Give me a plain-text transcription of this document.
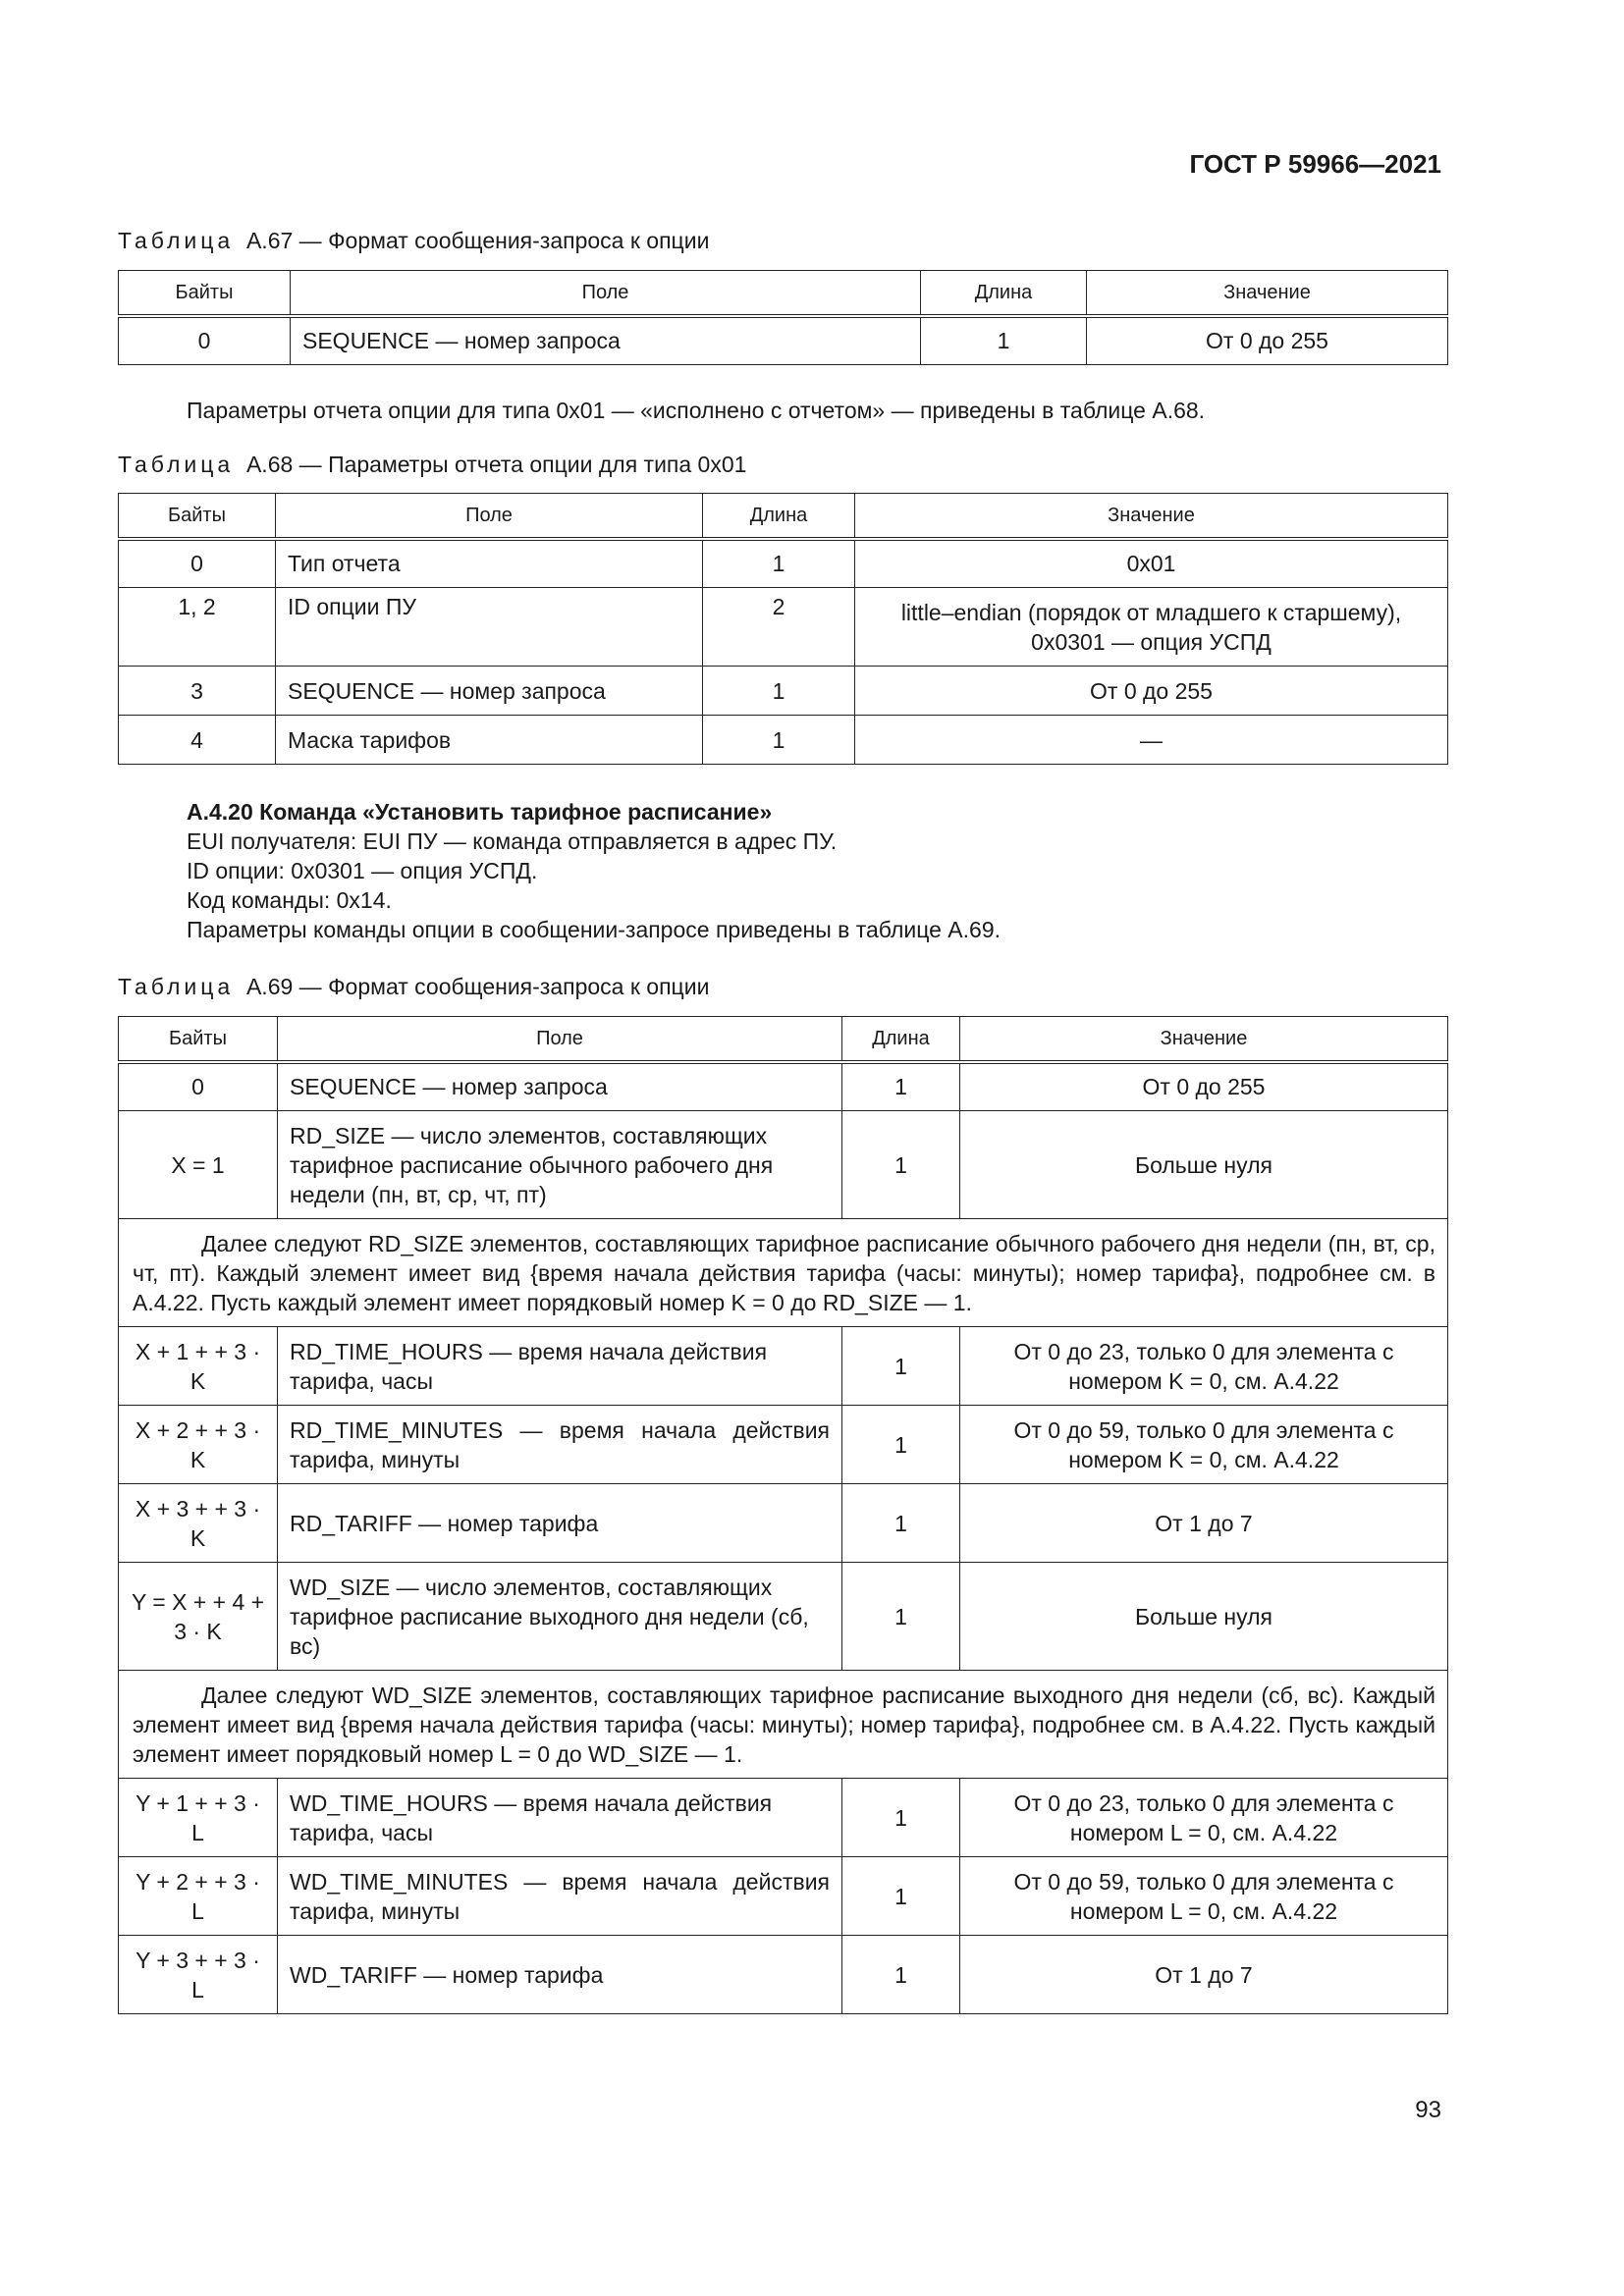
ГОСТ Р 59966—2021
Таблица А.67 — Формат сообщения-запроса к опции
Байты	Поле	Длина	Значение
0	SEQUENCE — номер запроса	1	От 0 до 255
Параметры отчета опции для типа 0x01 — «исполнено с отчетом» — приведены в таблице А.68.
Таблица А.68 — Параметры отчета опции для типа 0x01
Байты	Поле	Длина	Значение
0	Тип отчета	1	0x01
1, 2	ID опции ПУ	2	little–endian (порядок от младшего к старшему), 0x0301 — опция УСПД
3	SEQUENCE — номер запроса	1	От 0 до 255
4	Маска тарифов	1	—
А.4.20 Команда «Установить тарифное расписание»
EUI получателя: EUI ПУ — команда отправляется в адрес ПУ.
ID опции: 0x0301 — опция УСПД.
Код команды: 0x14.
Параметры команды опции в сообщении-запросе приведены в таблице А.69.
Таблица А.69 — Формат сообщения-запроса к опции
Байты	Поле	Длина	Значение
0	SEQUENCE — номер запроса	1	От 0 до 255
X = 1	RD_SIZE — число элементов, составляющих тарифное расписание обычного рабочего дня недели (пн, вт, ср, чт, пт)	1	Больше нуля
Далее следуют RD_SIZE элементов, составляющих тарифное расписание обычного рабочего дня недели (пн, вт, ср, чт, пт). Каждый элемент имеет вид {время начала действия тарифа (часы: минуты); номер тарифа}, подробнее см. в А.4.22. Пусть каждый элемент имеет порядковый номер K = 0 до RD_SIZE — 1.			
X + 1 + + 3 · K	RD_TIME_HOURS — время начала действия тарифа, часы	1	От 0 до 23, только 0 для элемента с номером K = 0, см. А.4.22
X + 2 + + 3 · K	RD_TIME_MINUTES — время начала действия тарифа, минуты	1	От 0 до 59, только 0 для элемента с номером K = 0, см. А.4.22
X + 3 + + 3 · K	RD_TARIFF — номер тарифа	1	От 1 до 7
Y = X + + 4 + 3 · K	WD_SIZE — число элементов, составляющих тарифное расписание выходного дня недели (сб, вс)	1	Больше нуля
Далее следуют WD_SIZE элементов, составляющих тарифное расписание выходного дня недели (сб, вс). Каждый элемент имеет вид {время начала действия тарифа (часы: минуты); номер тарифа}, подробнее см. в А.4.22. Пусть каждый элемент имеет порядковый номер L = 0 до WD_SIZE — 1.			
Y + 1 + + 3 · L	WD_TIME_HOURS — время начала действия тарифа, часы	1	От 0 до 23, только 0 для элемента с номером L = 0, см. А.4.22
Y + 2 + + 3 · L	WD_TIME_MINUTES — время начала действия тарифа, минуты	1	От 0 до 59, только 0 для элемента с номером L = 0, см. А.4.22
Y + 3 + + 3 · L	WD_TARIFF — номер тарифа	1	От 1 до 7
93
